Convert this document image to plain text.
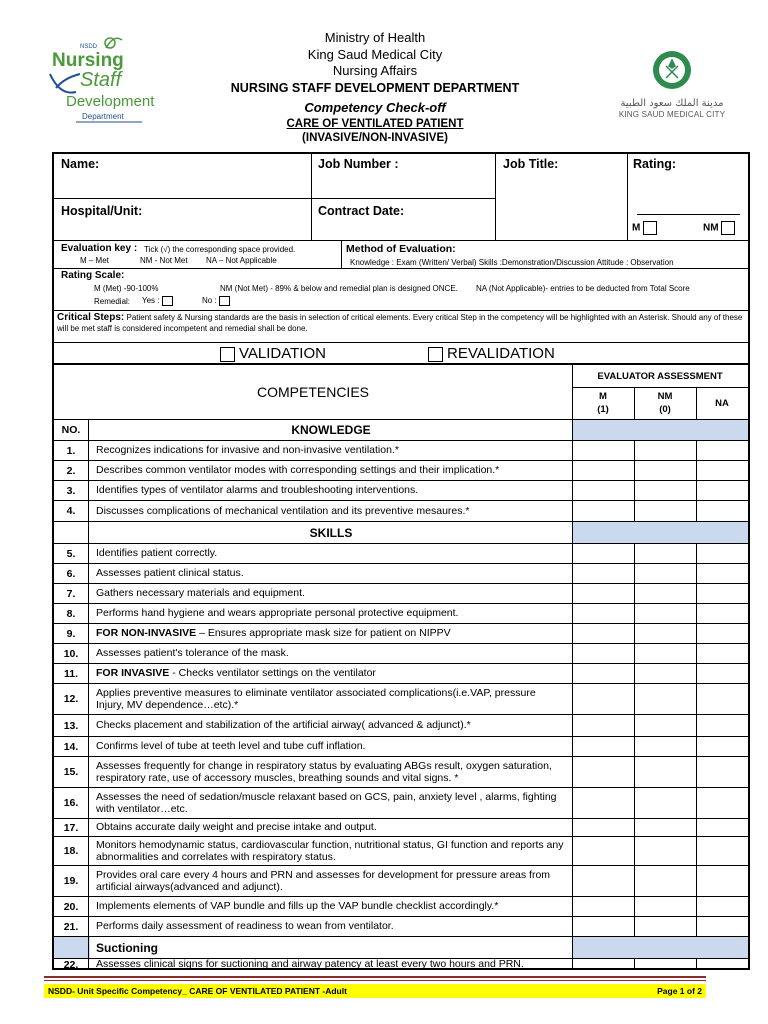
NSDD
Nursing
Staff
Development
Department
Ministry of Health
King Saud Medical City
Nursing Affairs
NURSING STAFF DEVELOPMENT DEPARTMENT
Competency Check-off
CARE OF VENTILATED PATIENT
(INVASIVE/NON-INVASIVE)
مدينة الملك سعود الطبية
KING SAUD MEDICAL CITY
Name:	Job Number :	Job Title:	Rating:
Hospital/Unit:	Contract Date:
M	NM
Evaluation key : Tick (√) the corresponding space provided.
M – Met	NM - Not Met NA – Not Applicable
Method of Evaluation:
Knowledge : Exam (Written/ Verbal) Skills :Demonstration/Discussion Attitude : Observation
Rating Scale:
M (Met) -90-100%	NM (Not Met) - 89% & below and remedial plan is designed ONCE. NA (Not Applicable)- entries to be deducted from Total Score
Remedial: Yes :	No :
Critical Steps: Patient safety & Nursing standards are the basis in selection of critical elements. Every critical Step in the competency will be highlighted with an Asterisk. Should any of these will be met staff is considered incompetent and remedial shall be done.
VALIDATION	REVALIDATION
COMPETENCIES
EVALUATOR ASSESSMENT
M
(1)
NM
(0)
NA
NO.	KNOWLEDGE
1.	Recognizes indications for invasive and non-invasive ventilation.*
2.	Describes common ventilator modes with corresponding settings and their implication.*
3.	Identifies types of ventilator alarms and troubleshooting interventions.
4.	Discusses complications of mechanical ventilation and its preventive mesaures.*
SKILLS
5.	Identifies patient correctly.
6.	Assesses patient clinical status.
7.	Gathers necessary materials and equipment.
8.	Performs hand hygiene and wears appropriate personal protective equipment.
9.	FOR NON-INVASIVE – Ensures appropriate mask size for patient on NIPPV
10.	Assesses patient's tolerance of the mask.
11.	FOR INVASIVE - Checks ventilator settings on the ventilator
12.
Applies preventive measures to eliminate ventilator associated complications(i.e.VAP, pressure Injury, MV dependence…etc).*
13.	Checks placement and stabilization of the artificial airway( advanced & adjunct).*
14.	Confirms level of tube at teeth level and tube cuff inflation.
15.
Assesses frequently for change in respiratory status by evaluating ABGs result, oxygen saturation, respiratory rate, use of accessory muscles, breathing sounds and vital signs. *
16.
Assesses the need of sedation/muscle relaxant based on GCS, pain, anxiety level , alarms, fighting with ventilator…etc.
17.	Obtains accurate daily weight and precise intake and output.
18.
Monitors hemodynamic status, cardiovascular function, nutritional status, GI function and reports any abnormalities and correlates with respiratory status.
19.
Provides oral care every 4 hours and PRN and assesses for development for pressure areas from artificial airways(advanced and adjunct).
20.	Implements elements of VAP bundle and fills up the VAP bundle checklist accordingly.*
21.	Performs daily assessment of readiness to wean from ventilator.
Suctioning
22.	Assesses clinical signs for suctioning and airway patency at least every two hours and PRN.
NSDD- Unit Specific Competency_ CARE OF VENTILATED PATIENT -Adult	Page 1 of 2
